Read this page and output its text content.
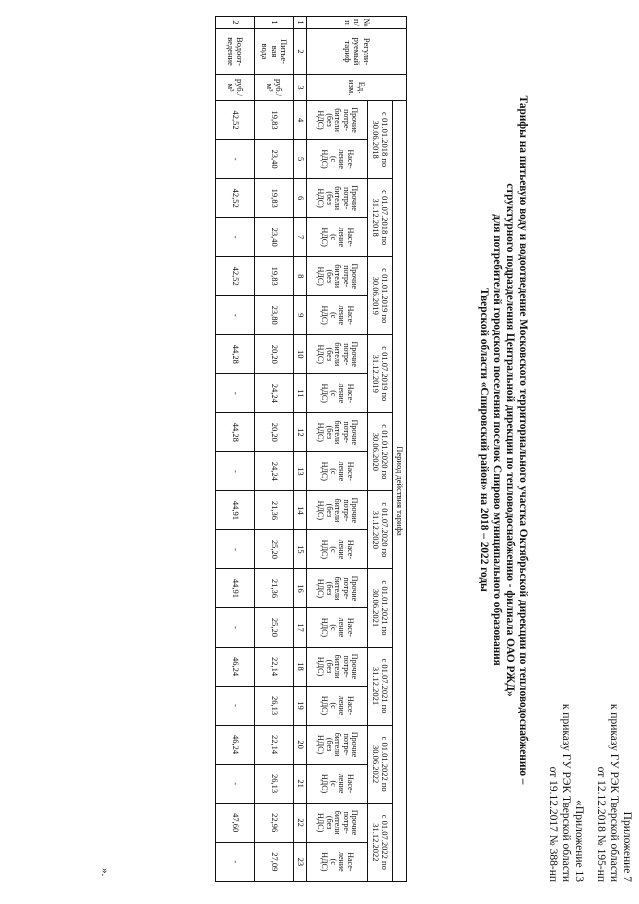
Приложение 7
к приказу ГУ РЭК Тверской области
от 12.12.2018 № 195-нп
«Приложение 13
к приказу ГУ РЭК Тверской области
от 19.12.2017 № 388-нп
Тарифы на питьевую воду и водоотведение Московского территориального участка Октябрьской дирекции по тепловодоснабжению –
структурного подразделения Центральной дирекции по тепловодоснабжению - филиала ОАО РЖД»
для потребителей городского поселения поселок Спирово муниципального образования
Тверской области «Спировский район» на 2018 – 2022 годы
№
п/
п	Регули-
руемый
тариф	Ед.
изм.	Период действия тарифа																			
			с 01.01.2018 по 30.06.2018		с 01.07.2018 по 31.12.2018		с 01.01.2019 по 30.06.2019		с 01.07.2019 по 31.12.2019		с 01.01.2020 по 30.06.2020		с 01.07.2020 по 31.12.2020		с 01.01.2021 по 30.06.2021		с 01.07.2021 по 31.12.2021		с 01.01.2022 по 30.06.2022		с 01.07.2022 по 31.12.2022	
			Прочие
потре-
бители
(без
НДС)	Насе-
ление
(с
НДС)	Прочие
потре-
бители
(без
НДС)	Насе-
ление
(с
НДС)	Прочие
потре-
бители
(без
НДС)	Насе-
ление
(с
НДС)	Прочие
потре-
бители
(без
НДС)	Насе-
ление
(с
НДС)	Прочие
потре-
бители
(без
НДС)	Насе-
ление
(с
НДС)	Прочие
потре-
бители
(без
НДС)	Насе-
ление
(с
НДС)	Прочие
потре-
бители
(без
НДС)	Насе-
ление
(с
НДС)	Прочие
потре-
бители
(без
НДС)	Насе-
ление
(с
НДС)	Прочие
потре-
бители
(без
НДС)	Насе-
ление
(с
НДС)	Прочие
потре-
бители
(без
НДС)	Насе-
ление
(с
НДС)
1	2	3	4	5	6	7	8	9	10	11	12	13	14	15	16	17	18	19	20	21	22	23
1	Питье-
вая
вода	руб./
м³	19,83	23,40	19,83	23,40	19,83	23,80	20,20	24,24	20,20	24,24	21,36	25,20	21,36	25,20	22,14	26,13	22,14	26,13	22,96	27,09
2	Водоот-
ведение	руб./
м³	42,52	-	42,52	-	42,52	-	44,28	-	44,28	-	44,91	-	44,91	-	46,24	-	46,24	-	47,60	-
».
